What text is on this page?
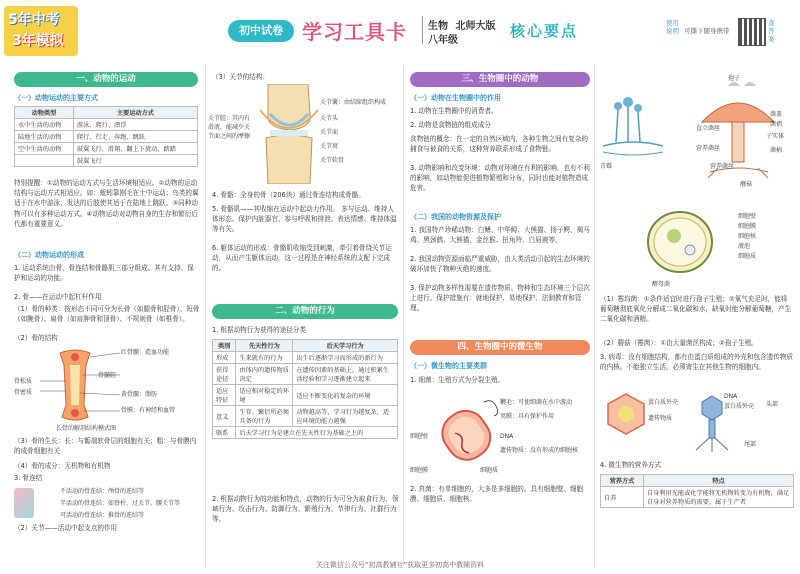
5年中考
3年模拟
初中试卷 学习工具卡 生物 北师大版
八年级
核心要点	使用说明 可撕下随身携带
查答案
一、动物的运动
（一）动物运动的主要方式
动物类型	主要运动方式
水中生活的动物	游泳、爬行、漂浮
陆地生活的动物	爬行、行走、奔跑、跳跃
空中生活的动物	鼓翼飞行、滑翔、翻上下旋动、踏踏
	鼓翼飞行
特别提醒：①动物的运动方式与生活环境相适应。②动物的运动结构与运动方式相适应。如：蚯蚓靠刚毛在土中运动；鸟类的翼适于在水中游泳，发达的后肢使其适于在陆地上跳跃。③同种动物可以有多种运动方式。④动物运动对动物自身的生存和繁衍后代都有重要意义。
（二）动物运动的形成
1. 运动系统由骨、骨连结和骨骼肌三部分组成。其有支持、保护和运动的功能。
2. 骨——在运动中起杠杆作用
（1）骨的种类：按形态不同可分为长骨（如腿骨和胫骨）、短骨（如腕骨）、扁骨（如肩胛骨和顶骨）、不规则骨（如椎骨）。
（2）骨的结构
红骨髓：造血功能
骨髓腔
黄骨髓：脂肪
骨膜：有神经和血管
骨松质
骨密质
长骨的解剖结构模式图
（3）骨的生长：长：与骺端软骨层的细胞有关；粗：与骨膜内的成骨细胞有关
（4）骨的成分：无机物和有机物
3. 骨连结
不活动的骨连结：颅骨的连结等
半活动的骨连结：如脊柱、过关节、腰关节等
可活动的骨连结：推骨的连结等
（2）关节——活动中起支点的作用
（3）关节的结构：
关节腔：其内有滑液，能减少关节面之间的摩擦
关节囊：由结缔组织构成
关节头
关节面
关节窝
关节软骨
4. 骨骼：全身的骨（206块）通过骨连结构成骨骼。
5. 骨骼肌——其收缩在运动中起动力作用。 多与运动、维持人体形态、保护内脏器官、参与呼吸和排泄、表达情感、维持体温等有关。
6. 躯体运动的形成：骨骼肌收缩受到刺激，牵引着骨绕关节运动，从而产生躯体运动，这一过程是在神经系统的支配下完成的。
二、动物的行为
1. 根据动物行为获得的途径分类
类别	先天性行为	后天学习行为
形成	生来就有的行为	出生后逐渐学习而形成的新行为
获得途径	由体内的遗传物质决定	在遗传因素的基础上，通过积累生活经验和学习逐渐建立起来
适应特征	适应相对稳定的环境	适应不断变化的复杂的环境
意义	生存、繁衍所必须具备的行为	动物越高等，学习行为越复杂，适应环境的能力越强
联系	后天学习行为是建立在先天性行为基础之上的	
2. 根据动物行为的功能和特点，动物的行为可分为取食行为、领域行为、攻击行为、防御行为、繁殖行为、节律行为、社群行为等。
三、生物圈中的动物
（一）动物在生物圈中的作用
1. 动物在生物圈中的消费者。
2. 动物是食物链的组成成分
食物链的概念：在一定的自然区域内，各种生物之间有复杂的捕食与被食的关系，这种营养联系形成了食物链。
3. 动物影响和改变环境：动物对环境在有利的影响，也有不利的影响，如动物能促进植物繁殖和分布，同时也能对植物造成危害。
（二）我国的动物资源及保护
1. 我国特产珍稀动物：白鳍、中华鲟、大熊猫、扬子鳄、褐马鸡、黑颈鹤、大熊猫、金丝猴、扭角羚、白唇鹿等。
2. 我国动物资源面临严重威胁，由人类活动引起的生态环境的破坏加快了物种灭绝的速度。
3. 保护动物多样性需要在遗传物质、物种和生态环境三个层次上进行。保护措施有：就地保护、易地保护、法制教育和管理。
四、生物圈中的微生物
（一）微生物的主要类群
1. 细菌：生殖方式为分裂生殖。
鞭毛：可使细菌在水中游动
荚膜：具有保护作用
细胞壁	DNA
细胞膜	细胞质
遗传物质：没有形成的细胞核
2. 真菌：有单细胞的，大多是多细胞的。具有细胞壁、细胞膜、细胞质、细胞核。
孢子
青霉
直立菌丝
营养菌丝
菌盖
菌褶
子实体
菌柄
营养菌丝
蘑菇
细胞壁
细胞膜
细胞核
液泡
细胞质
酵母菌
（1）霉均菌：①条件适宜时进行孢子生殖；②氧气充足时，能将葡萄糖彻底氧化分解成二氧化碳和水，缺氧时能分解葡萄糖，产生二氧化碳和酒精。
（2）蘑菇（霉菌）：①由大量菌丝构成；②孢子生殖。
3. 病毒：没有细胞结构，都有由蛋白质组成的外壳和包含遗传物质的内核。不能独立生活，必须寄生在其他生物的细胞内。
蛋白质外壳
遗传物质
DNA
蛋白质外壳 头部
尾部
4. 微生物的营养方式
营养方式	特点
自养	自身利用光能或化学能将无机物转变为有机物，满足自身对营养物质的需要，属于生产者
关注微信公众号“初高教辅社”获取更多初高中教辅资料
